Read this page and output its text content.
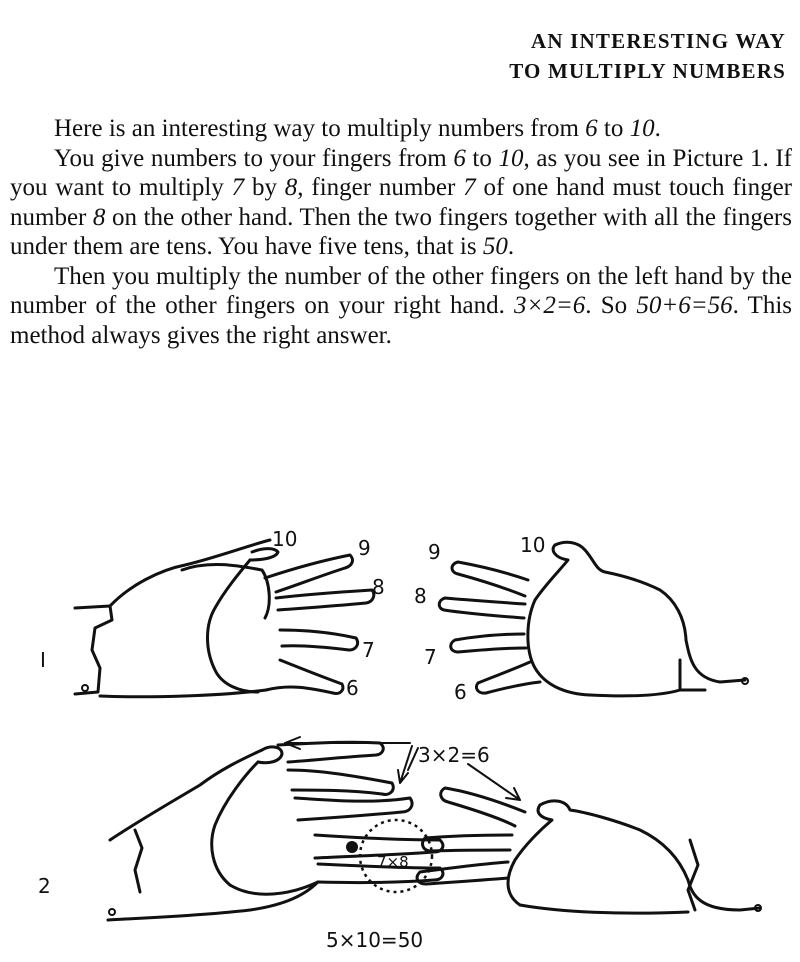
AN INTERESTING WAY
TO MULTIPLY NUMBERS

Here is an interesting way to multiply numbers from 6 to 10.

You give numbers to your fingers from 6 to 10, as you see in Picture 1. If you want to multiply 7 by 8, finger number 7 of one hand must touch finger number 8 on the other hand. Then the two fingers together with all the fingers under them are tens. You have five tens, that is 50.

Then you multiply the number of the other fingers on the left hand by the number of the other fingers on your right hand. 3×2=6. So 50+6=56. This method always gives the right answer.

I
10	9
8
7
6
10
9
8
7
6
2
3×2=6
7×8
5×10=50
